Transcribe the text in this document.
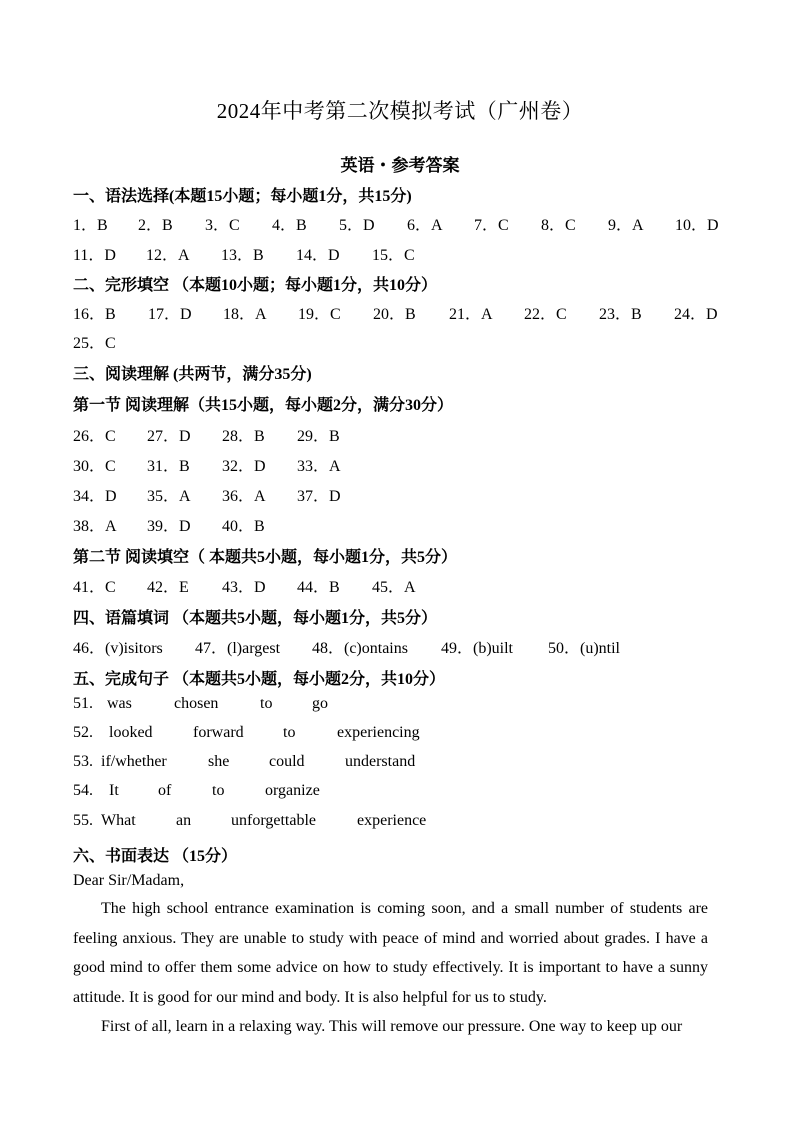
2024年中考第二次模拟考试（广州卷）
英语・参考答案
一、语法选择(本题15小题；每小题1分，共15分)
1．B 2．B 3．C 4．B 5．D 6．A 7．C 8．C 9．A 10．D
11．D 12．A 13．B 14．D 15．C
二、完形填空 （本题10小题；每小题1分，共10分）
16．B 17．D 18．A 19．C 20．B 21．A 22．C 23．B 24．D
25．C
三、阅读理解 (共两节，满分35分)
第一节 阅读理解（共15小题，每小题2分，满分30分）
26．C 27．D 28．B 29．B
30．C 31．B 32．D 33．A
34．D 35．A 36．A 37．D
38．A 39．D 40．B
第二节 阅读填空（ 本题共5小题，每小题1分，共5分）
41．C 42．E 43．D 44．B 45．A
四、语篇填词 （本题共5小题，每小题1分，共5分）
46．(v)isitors 47．(l)argest 48．(c)ontains 49．(b)uilt 50．(u)ntil
五、完成句子 （本题共5小题，每小题2分，共10分）
51. was	chosen	to go
52. looked	forward to	experiencing
53. if/whether	she could	understand
54. It of	to	organize
55. What	an unforgettable	experience
六、书面表达 （15分）
Dear Sir/Madam,
The high school entrance examination is coming soon, and a small number of students are feeling anxious. They are unable to study with peace of mind and worried about grades. I have a good mind to offer them some advice on how to study effectively. It is important to have a sunny attitude. It is good for our mind and body. It is also helpful for us to study.
First of all, learn in a relaxing way. This will remove our pressure. One way to keep up our
